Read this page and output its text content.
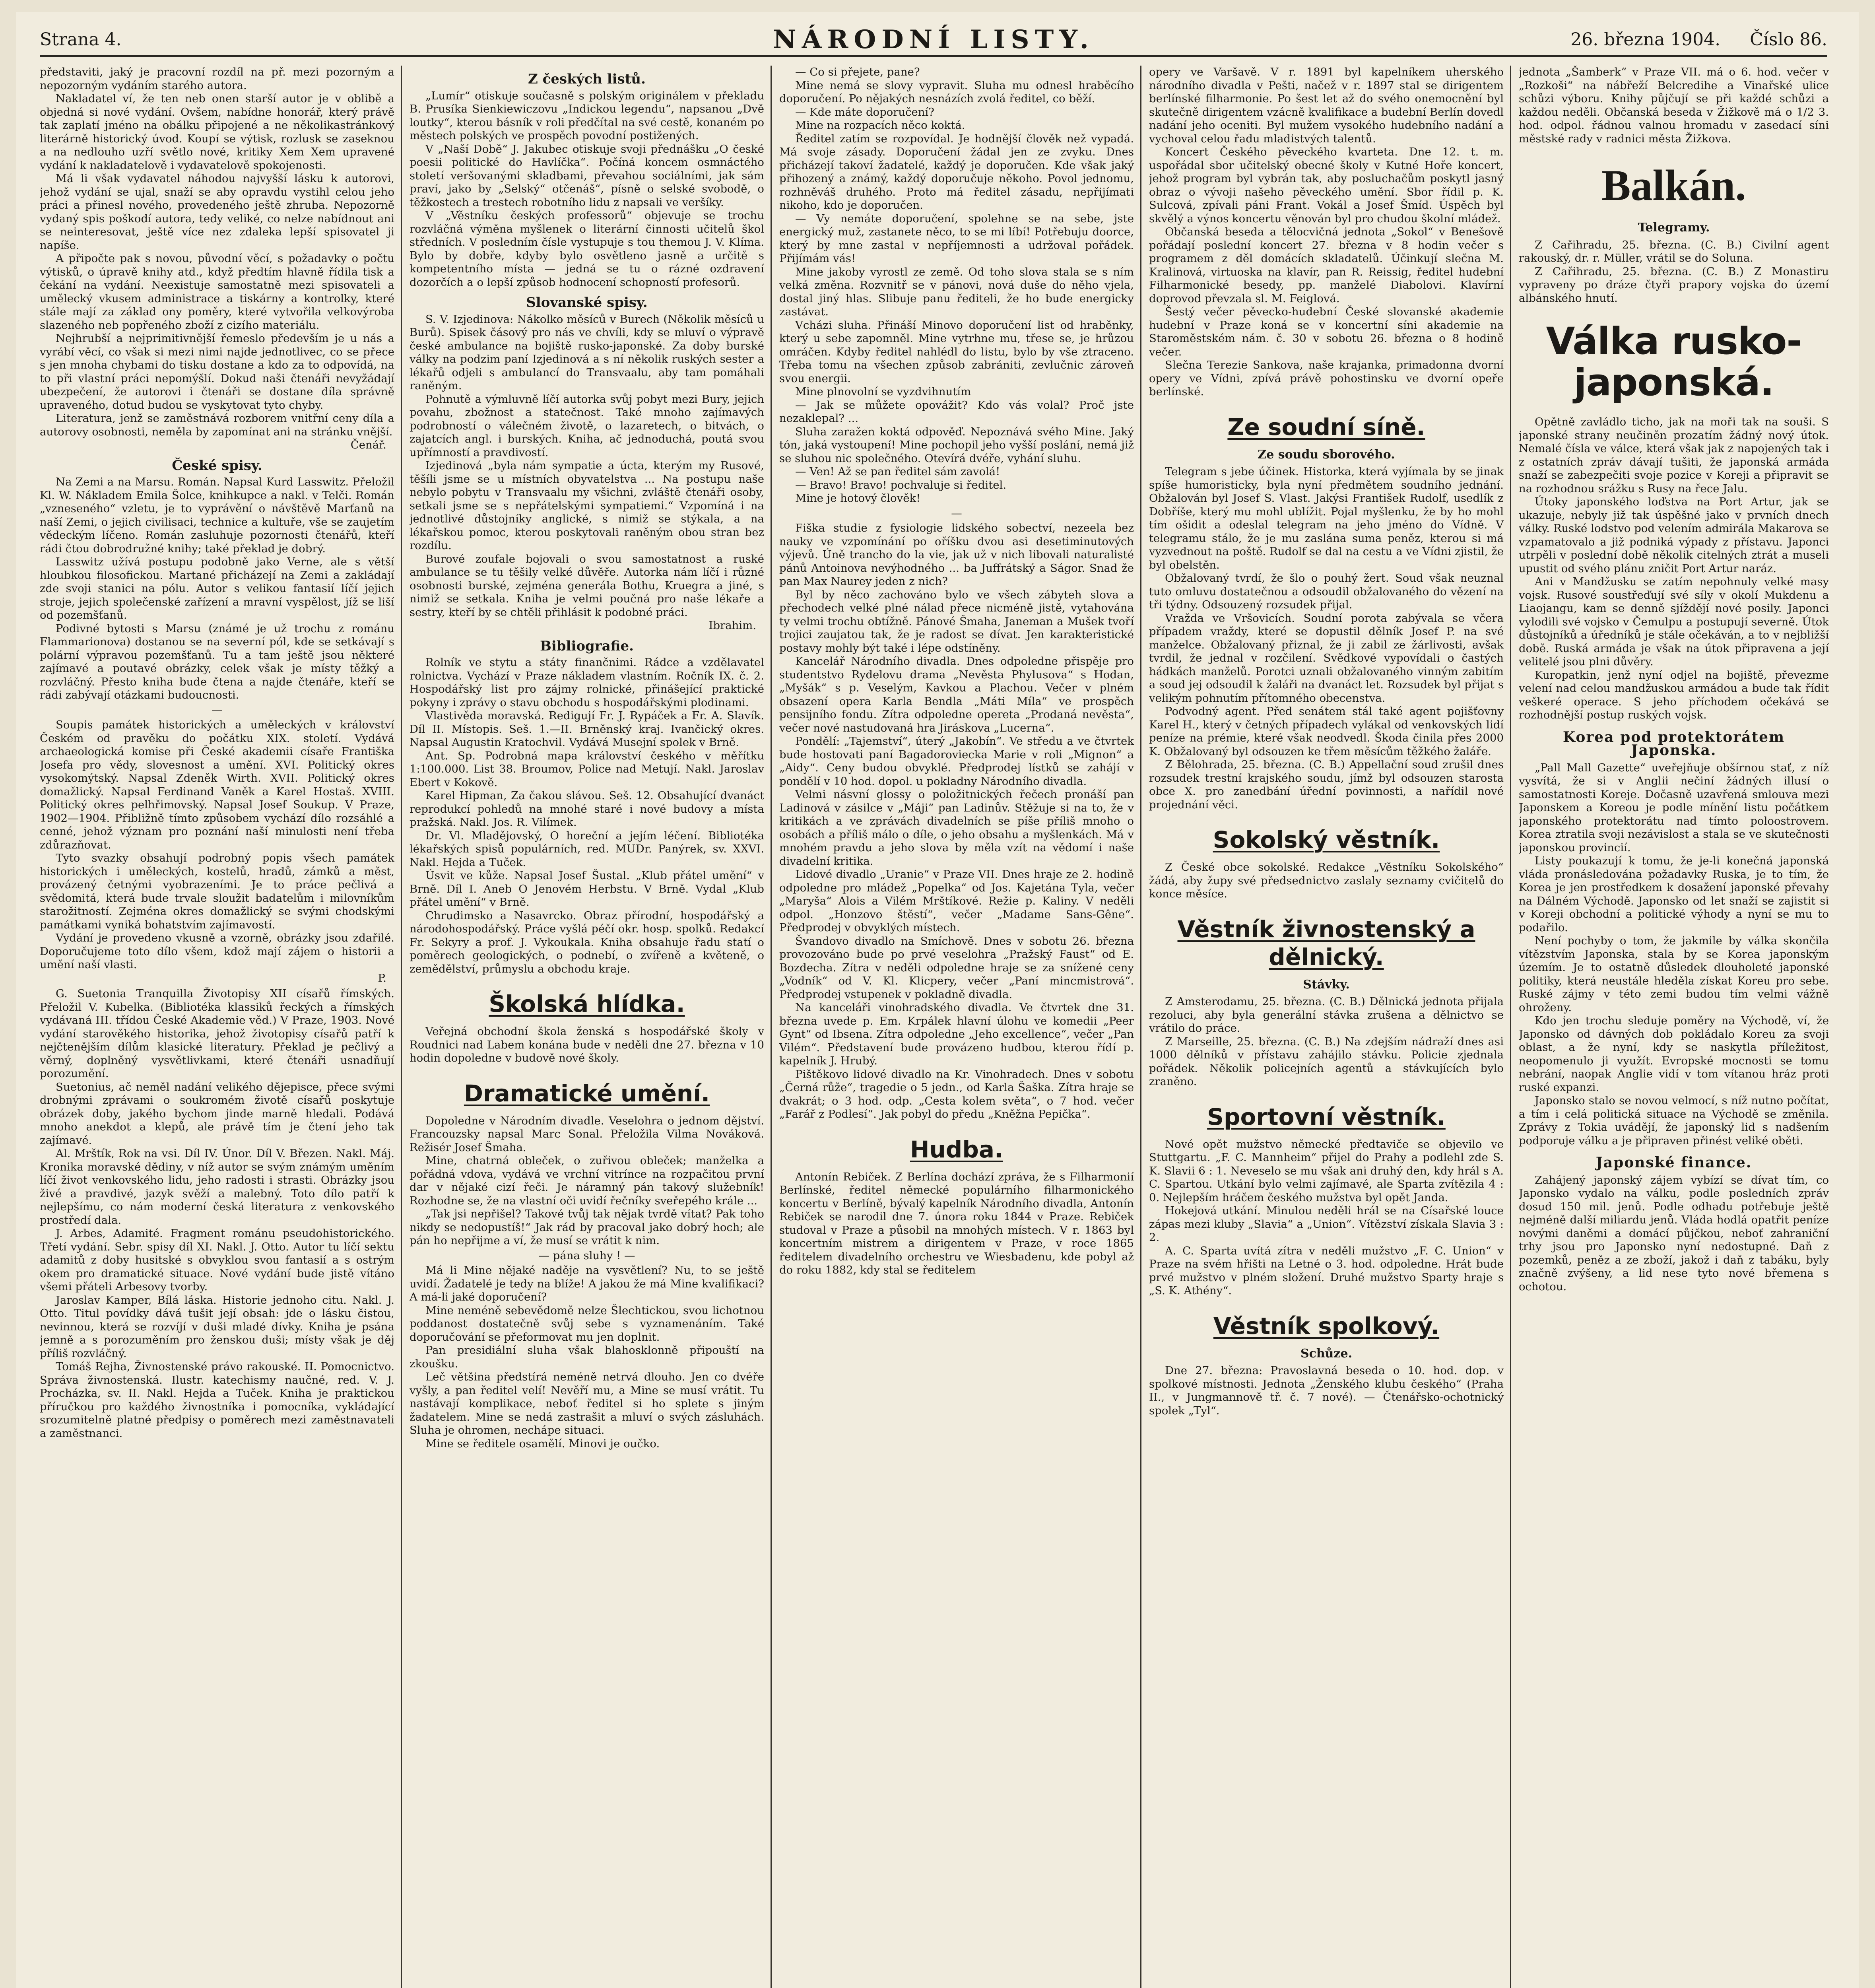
Strana 4.	NÁRODNÍ LISTY.	26. března 1904. Číslo 86.

představiti, jaký je pracovní rozdíl na př. mezi pozorným a nepozorným vydáním starého autora.

Nakladatel ví, že ten neb onen starší autor je v oblibě a objedná si nové vydání. Ovšem, nabídne honorář, který právě tak zaplatí jméno na obálku připojené a ne několikastránkový literárně historický úvod. Koupí se výtisk, rozlusk se zaseknou a na nedlouho uzří světlo nové, kritiky Xem Xem upravené vydání k nakladatelově i vydavatelově spokojenosti.

Má li však vydavatel náhodou najvyšší lásku k autorovi, jehož vydání se ujal, snaží se aby opravdu vystihl celou jeho práci a přinesl nového, provedeného ještě zhruba. Nepozorně vydaný spis poškodí autora, tedy veliké, co nelze nabídnout ani se neinteresovat, ještě více nez zdaleka lepší spisovatel ji napíše.

A připočte pak s novou, původní věcí, s požadavky o počtu výtisků, o úpravě knihy atd., když předtím hlavně řídila tisk a čekání na vydání. Neexistuje samostatně mezi spisovateli a umělecký vkusem administrace a tiskárny a kontrolky, které stále mají za základ ony poměry, které vytvořila velkovýroba slazeného neb popřeného zboží z cizího materiálu.

Nejhrubší a nejprimitivnější řemeslo především je u nás a vyrábí věcí, co však si mezi nimi najde jednotlivec, co se přece s jen mnoha chybami do tisku dostane a kdo za to odpovídá, na to při vlastní práci nepomýšlí. Dokud naši čtenáři nevyžádají ubezpečení, že autorovi i čtenáři se dostane díla správně upraveného, dotud budou se vyskytovat tyto chyby.

Literatura, jenž se zaměstnává rozborem vnitřní ceny díla a autorovy osobnosti, neměla by zapomínat ani na stránku vnější.

Čenář.
České spisy.

Na Zemi a na Marsu. Román. Napsal Kurd Lasswitz. Přeložil Kl. W. Nákladem Emila Šolce, knihkupce a nakl. v Telči. Román „vzneseného“ vzletu, je to vyprávění o návštěvě Marťanů na naší Zemi, o jejich civilisaci, technice a kultuře, vše se zaujetím vědeckým líčeno. Román zasluhuje pozornosti čtenářů, kteří rádi čtou dobrodružné knihy; také překlad je dobrý.

Lasswitz užívá postupu podobně jako Verne, ale s větší hloubkou filosofickou. Martané přicházejí na Zemi a zakládají zde svoji stanici na pólu. Autor s velikou fantasií líčí jejich stroje, jejich společenské zařízení a mravní vyspělost, jíž se liší od pozemšťanů.

Podivné bytosti s Marsu (známé je už trochu z románu Flammarionova) dostanou se na severní pól, kde se setkávají s polární výpravou pozemšťanů. Tu a tam ještě jsou některé zajímavé a poutavé obrázky, celek však je místy těžký a rozvláčný. Přesto kniha bude čtena a najde čtenáře, kteří se rádi zabývají otázkami budoucnosti.

—

Soupis památek historických a uměleckých v království Českém od pravěku do počátku XIX. století. Vydává archaeologická komise při České akademii císaře Františka Josefa pro vědy, slovesnost a umění. XVI. Politický okres vysokomýtský. Napsal Zdeněk Wirth. XVII. Politický okres domažlický. Napsal Ferdinand Vaněk a Karel Hostaš. XVIII. Politický okres pelhřimovský. Napsal Josef Soukup. V Praze, 1902—1904. Přibližně tímto způsobem vychází dílo rozsáhlé a cenné, jehož význam pro poznání naší minulosti není třeba zdůrazňovat.

Tyto svazky obsahují podrobný popis všech památek historických i uměleckých, kostelů, hradů, zámků a měst, provázený četnými vyobrazeními. Je to práce pečlivá a svědomitá, která bude trvale sloužit badatelům i milovníkům starožitností. Zejména okres domažlický se svými chodskými památkami vyniká bohatstvím zajímavostí.

Vydání je provedeno vkusně a vzorně, obrázky jsou zdařilé. Doporučujeme toto dílo všem, kdož mají zájem o historii a umění naší vlasti.

P.

G. Suetonia Tranquilla Životopisy XII císařů římských. Přeložil V. Kubelka. (Bibliotéka klassiků řeckých a římských vydávaná III. třídou České Akademie věd.) V Praze, 1903. Nové vydání starověkého historika, jehož životopisy císařů patří k nejčtenějším dílům klasické literatury. Překlad je pečlivý a věrný, doplněný vysvětlivkami, které čtenáři usnadňují porozumění.

Suetonius, ač neměl nadání velikého dějepisce, přece svými drobnými zprávami o soukromém životě císařů poskytuje obrázek doby, jakého bychom jinde marně hledali. Podává mnoho anekdot a klepů, ale právě tím je čtení jeho tak zajímavé.

Al. Mrštík, Rok na vsi. Díl IV. Únor. Díl V. Březen. Nakl. Máj. Kronika moravské dědiny, v níž autor se svým známým uměním líčí život venkovského lidu, jeho radosti i strasti. Obrázky jsou živé a pravdivé, jazyk svěží a malebný. Toto dílo patří k nejlepšímu, co nám moderní česká literatura z venkovského prostředí dala.

J. Arbes, Adamité. Fragment románu pseudohistorického. Třetí vydání. Sebr. spisy díl XI. Nakl. J. Otto. Autor tu líčí sektu adamitů z doby husitské s obvyklou svou fantasií a s ostrým okem pro dramatické situace. Nové vydání bude jistě vítáno všemi přáteli Arbesovy tvorby.

Jaroslav Kamper, Bílá láska. Historie jednoho citu. Nakl. J. Otto. Titul povídky dává tušit její obsah: jde o lásku čistou, nevinnou, která se rozvíjí v duši mladé dívky. Kniha je psána jemně a s porozuměním pro ženskou duši; místy však je děj příliš rozvláčný.

Tomáš Rejha, Živnostenské právo rakouské. II. Pomocnictvo. Správa živnostenská. Ilustr. katechismy naučné, red. V. J. Procházka, sv. II. Nakl. Hejda a Tuček. Kniha je praktickou příručkou pro každého živnostníka i pomocníka, vykládající srozumitelně platné předpisy o poměrech mezi zaměstnavateli a zaměstnanci.

Z českých listů.

„Lumír“ otiskuje současně s polským originálem v překladu B. Prusíka Sienkiewiczovu „Indickou legendu“, napsanou „Dvě loutky“, kterou básník v roli předčítal na své cestě, konaném po městech polských ve prospěch povodní postižených.

V „Naší Době“ J. Jakubec otiskuje svoji přednášku „O české poesii politické do Havlíčka“. Počíná koncem osmnáctého století veršovanými skladbami, převahou sociálními, jak sám praví, jako by „Selský“ otčenáš“, písně o selské svobodě, o těžkostech a trestech robotního lidu z napsali ve veršíky.

V „Věstníku českých professorů“ objevuje se trochu rozvláčná výměna myšlenek o literární činnosti učitelů škol středních. V posledním čísle vystupuje s tou themou J. V. Klíma. Bylo by dobře, kdyby bylo osvětleno jasně a určitě s kompetentního místa — jedná se tu o rázné ozdravení dozorčích a o lepší způsob hodnocení schopností profesorů.

Slovanské spisy.

S. V. Izjedinova: Nákolko měsíců v Burech (Několik měsíců u Burů). Spisek čásový pro nás ve chvíli, kdy se mluví o výpravě české ambulance na bojiště rusko-japonské. Za doby burské války na podzim paní Izjedinová a s ní několik ruských sester a lékařů odjeli s ambulancí do Transvaalu, aby tam pomáhali raněným.

Pohnutě a výmluvně líčí autorka svůj pobyt mezi Bury, jejich povahu, zbožnost a statečnost. Také mnoho zajímavých podrobností o válečném životě, o lazaretech, o bitvách, o zajatcích angl. i burských. Kniha, ač jednoduchá, poutá svou upřímností a pravdivostí.

Izjedinová „byla nám sympatie a úcta, kterým my Rusové, těšíli jsme se u místních obyvatelstva ... Na postupu naše nebylo pobytu v Transvaalu my všichni, zvláště čtenáři osoby, setkali jsme se s nepřátelskými sympatiemi.“ Vzpomíná i na jednotlivé důstojníky anglické, s nimiž se stýkala, a na lékařskou pomoc, kterou poskytovali raněným obou stran bez rozdílu.

Burové zoufale bojovali o svou samostatnost a ruské ambulance se tu těšily velké důvěře. Autorka nám líčí i různé osobnosti burské, zejména generála Bothu, Kruegra a jiné, s nimiž se setkala. Kniha je velmi poučná pro naše lékaře a sestry, kteří by se chtěli přihlásit k podobné práci.

Ibrahim.
Bibliografie.

Rolník ve stytu a státy finančnimi. Rádce a vzdělavatel rolnictva. Vychází v Praze nákladem vlastním. Ročník IX. č. 2. Hospodářský list pro zájmy rolnické, přinášející praktické pokyny i zprávy o stavu obchodu s hospodářskými plodinami.

Vlastivěda moravská. Redigují Fr. J. Rypáček a Fr. A. Slavík. Díl II. Místopis. Seš. 1.—II. Brněnský kraj. Ivančický okres. Napsal Augustin Kratochvil. Vydává Musejní spolek v Brně.

Ant. Sp. Podrobná mapa království českého v měřítku 1:100.000. List 38. Broumov, Police nad Metují. Nakl. Jaroslav Ebert v Kokově.

Karel Hipman, Za čakou slávou. Seš. 12. Obsahující dvanáct reprodukcí pohledů na mnohé staré i nové budovy a místa pražská. Nakl. Jos. R. Vilímek.

Dr. Vl. Mladějovský, O horeční a jejím léčení. Bibliotéka lékařských spisů populárních, red. MUDr. Panýrek, sv. XXVI. Nakl. Hejda a Tuček.

Úsvit ve kůže. Napsal Josef Šustal. „Klub přátel umění“ v Brně. Díl I. Aneb O Jenovém Herbstu. V Brně. Vydal „Klub přátel umění“ v Brně.

Chrudimsko a Nasavrcko. Obraz přírodní, hospodářský a národohospodářský. Práce vyšlá péčí okr. hosp. spolků. Redakcí Fr. Sekyry a prof. J. Vykoukala. Kniha obsahuje řadu statí o poměrech geologických, o podnebí, o zvířeně a květeně, o zemědělství, průmyslu a obchodu kraje.

Školská hlídka.

Veřejná obchodní škola ženská s hospodářské školy v Roudnici nad Labem konána bude v neděli dne 27. března v 10 hodin dopoledne v budově nové školy.

Dramatické umění.

Dopoledne v Národním divadle. Veselohra o jednom dějství. Francouzsky napsal Marc Sonal. Přeložila Vilma Nováková. Režisér Josef Šmaha.

Mine, chatrná obleček, o zuřivou obleček; manželka a pořádná vdova, vydává ve vrchní vitrínce na rozpačitou první dar v nějaké cizí řeči. Je náramný pán takový služebník! Rozhodne se, že na vlastní oči uvidí řečníky sveřepého krále ...

„Tak jsi nepřišel? Takové tvůj tak nějak tvrdě vítat? Pak toho nikdy se nedopustíš!“ Jak rád by pracoval jako dobrý hoch; ale pán ho nepřijme a ví, že musí se vrátit k nim.

— pána sluhy ! —

Má li Mine nějaké naděje na vysvětlení? Nu, to se ještě uvidí. Žadatelé je tedy na blíže! A jakou že má Mine kvalifikaci? A má-li jaké doporučení?

Mine neméně sebevědomě nelze Šlechtickou, svou lichotnou poddanost dostatečně svůj sebe s vyznamenáním. Také doporučování se přeformovat mu jen doplnit.

Pan presidiální sluha však blahosklonně připouští na zkoušku.

Leč většina předstírá neméně netrvá dlouho. Jen co dvéře vyšly, a pan ředitel velí! Nevěří mu, a Mine se musí vrátit. Tu nastávají komplikace, neboť ředitel si ho splete s jiným žadatelem. Mine se nedá zastrašit a mluví o svých zásluhách. Sluha je ohromen, nechápe situaci.

Mine se ředitele osamělí. Minovi je oučko.

— Co si přejete, pane?

Mine nemá se slovy vypravit. Sluha mu odnesl hraběcího doporučení. Po nějakých nesnázích zvolá ředitel, co běží.

— Kde máte doporučení?

Mine na rozpacích něco koktá.

Ředitel zatím se rozpovídal. Je hodnější člověk než vypadá. Má svoje zásady. Doporučení žádal jen ze zvyku. Dnes přicházejí takoví žadatelé, každý je doporučen. Kde však jaký přihozený a známý, každý doporučuje někoho. Povol jednomu, rozhněváš druhého. Proto má ředitel zásadu, nepřijímati nikoho, kdo je doporučen.

— Vy nemáte doporučení, spolehne se na sebe, jste energický muž, zastanete něco, to se mi líbí! Potřebuju doorce, který by mne zastal v nepříjemnosti a udržoval pořádek. Přijímám vás!

Mine jakoby vyrostl ze země. Od toho slova stala se s ním velká změna. Rozvnitř se v pánovi, nová duše do něho vjela, dostal jiný hlas. Slibuje panu řediteli, že ho bude energicky zastávat.

Vcházi sluha. Přináší Minovo doporučení list od hraběnky, který u sebe zapomněl. Mine vytrhne mu, třese se, je hrůzou omráčen. Kdyby ředitel nahlédl do listu, bylo by vše ztraceno. Třeba tomu na všechen způsob zabrániti, zevlučnic zároveň svou energii.

Mine plnovolní se vyzdvihnutím

— Jak se můžete opovážit? Kdo vás volal? Proč jste nezaklepal? ...

Sluha zaražen koktá odpověď. Nepoznává svého Mine. Jaký tón, jaká vystoupení! Mine pochopil jeho vyšší poslání, nemá již se sluhou nic společného. Otevírá dvéře, vyhání sluhu.

— Ven! Až se pan ředitel sám zavolá!

— Bravo! Bravo! pochvaluje si ředitel.

Mine je hotový člověk!

—

Fiška studie z fysiologie lidského sobectví, nezeela bez nauky ve vzpomínání po oříšku dvou asi desetiminutových výjevů. Úně trancho do la vie, jak už v nich libovali naturalisté pánů Antoinova nevýhodného ... ba Juffrátský a Ságor. Snad že pan Max Naurey jeden z nich?

Byl by něco zachováno bylo ve všech zábyteh slova a přechodech velké plné nálad přece nicméně jistě, vytahována ty velmi trochu obtížně. Pánové Šmaha, Janeman a Mušek tvoří trojici zaujatou tak, že je radost se dívat. Jen karakteristické postavy mohly být také i lépe odstíněny.

Kancelář Národního divadla. Dnes odpoledne přispěje pro studentstvo Rydelovu drama „Nevěsta Phylusova“ s Hodan, „Myšák“ s p. Veselým, Kavkou a Plachou. Večer v plném obsazení opera Karla Bendla „Máti Míla“ ve prospěch pensijního fondu. Zítra odpoledne opereta „Prodaná nevěsta“, večer nové nastudovaná hra Jiráskova „Lucerna“.

Pondělí: „Tajemství“, úterý „Jakobín“. Ve středu a ve čtvrtek bude hostovati paní Bagadoroviecka Marie v roli „Mignon“ a „Aidy“. Ceny budou obvyklé. Předprodej lístků se zahájí v pondělí v 10 hod. dopol. u pokladny Národního divadla.

Velmi násvní glossy o položitnických řečech pronáší pan Ladinová v zásilce v „Máji“ pan Ladinův. Stěžuje si na to, že v kritikách a ve zprávách divadelních se píše příliš mnoho o osobách a příliš málo o díle, o jeho obsahu a myšlenkách. Má v mnohém pravdu a jeho slova by měla vzít na vědomí i naše divadelní kritika.

Lidové divadlo „Uranie“ v Praze VII. Dnes hraje ze 2. hodině odpoledne pro mládež „Popelka“ od Jos. Kajetána Tyla, večer „Maryša“ Alois a Vilém Mrštíkové. Režie p. Kaliny. V neděli odpol. „Honzovo štěstí“, večer „Madame Sans-Gêne“. Předprodej v obvyklých místech.

Švandovo divadlo na Smíchově. Dnes v sobotu 26. března provozováno bude po prvé veselohra „Pražský Faust“ od E. Bozdecha. Zítra v neděli odpoledne hraje se za snížené ceny „Vodník“ od V. Kl. Klicpery, večer „Paní mincmistrová“. Předprodej vstupenek v pokladně divadla.

Na kanceláři vinohradského divadla. Ve čtvrtek dne 31. března uvede p. Em. Krpálek hlavní úlohu ve komedii „Peer Gynt“ od Ibsena. Zítra odpoledne „Jeho excellence“, večer „Pan Vilém“. Představení bude provázeno hudbou, kterou řídí p. kapelník J. Hrubý.

Pištěkovo lidové divadlo na Kr. Vinohradech. Dnes v sobotu „Černá růže“, tragedie o 5 jedn., od Karla Šaška. Zítra hraje se dvakrát; o 3 hod. odp. „Cesta kolem světa“, o 7 hod. večer „Farář z Podlesí“. Jak pobyl do předu „Kněžna Pepička“.

Hudba.

Antonín Rebiček. Z Berlína dochází zpráva, že s Filharmonií Berlínské, ředitel německé populárního filharmonického koncertu v Berlíně, bývalý kapelník Národního divadla, Antonín Rebiček se narodil dne 7. února roku 1844 v Praze. Rebiček studoval v Praze a působil na mnohých místech. V r. 1863 byl koncertním mistrem a dirigentem v Praze, v roce 1865 ředitelem divadelního orchestru ve Wiesbadenu, kde pobyl až do roku 1882, kdy stal se ředitelem

opery ve Varšavě. V r. 1891 byl kapelníkem uherského národního divadla v Pešti, načež v r. 1897 stal se dirigentem berlínské filharmonie. Po šest let až do svého onemocnění byl skutečně dirigentem vzácně kvalifikace a budební Berlín dovedl nadání jeho oceniti. Byl mužem vysokého hudebního nadání a vychoval celou řadu mladistvých talentů.

Koncert Českého pěveckého kvarteta. Dne 12. t. m. uspořádal sbor učitelský obecné školy v Kutné Hoře koncert, jehož program byl vybrán tak, aby posluchačům poskytl jasný obraz o vývoji našeho pěveckého umění. Sbor řídil p. K. Sulcová, zpívali páni Frant. Vokál a Josef Šmíd. Úspěch byl skvělý a výnos koncertu věnován byl pro chudou školní mládež.

Občanská beseda a tělocvičná jednota „Sokol“ v Benešově pořádají poslední koncert 27. března v 8 hodin večer s programem z děl domácích skladatelů. Účinkují slečna M. Kralinová, virtuoska na klavír, pan R. Reissig, ředitel hudební Filharmonické besedy, pp. manželé Diabolovi. Klavírní doprovod převzala sl. M. Feiglová.

Šestý večer pěvecko-hudební České slovanské akademie hudební v Praze koná se v koncertní síni akademie na Staroměstském nám. č. 30 v sobotu 26. března o 8 hodině večer.

Slečna Terezie Sankova, naše krajanka, primadonna dvorní opery ve Vídni, zpívá právě pohostinsku ve dvorní opeře berlínské.

Ze soudní síně.
Ze soudu sborového.

Telegram s jebe účinek. Historka, která vyjímala by se jinak spíše humoristicky, byla nyní předmětem soudního jednání. Obžalován byl Josef S. Vlast. Jakýsi František Rudolf, usedlík z Dobříše, který mu mohl ublížit. Pojal myšlenku, že by ho mohl tím ošidit a odeslal telegram na jeho jméno do Vídně. V telegramu stálo, že je mu zaslána suma peněz, kterou si má vyzvednout na poště. Rudolf se dal na cestu a ve Vídni zjistil, že byl obelstěn.

Obžalovaný tvrdí, že šlo o pouhý žert. Soud však neuznal tuto omluvu dostatečnou a odsoudil obžalovaného do vězení na tři týdny. Odsouzený rozsudek přijal.

Vražda ve Vršovicích. Soudní porota zabývala se včera případem vraždy, které se dopustil dělník Josef P. na své manželce. Obžalovaný přiznal, že ji zabil ze žárlivosti, avšak tvrdil, že jednal v rozčilení. Svědkové vypovídali o častých hádkách manželů. Porotci uznali obžalovaného vinným zabitím a soud jej odsoudil k žaláři na dvanáct let. Rozsudek byl přijat s velikým pohnutím přítomného obecenstva.

Podvodný agent. Před senátem stál také agent pojišťovny Karel H., který v četných případech vylákal od venkovských lidí peníze na prémie, které však neodvedl. Škoda činila přes 2000 K. Obžalovaný byl odsouzen ke třem měsícům těžkého žaláře.

Z Bělohrada, 25. března. (C. B.) Appellační soud zrušil dnes rozsudek trestní krajského soudu, jímž byl odsouzen starosta obce X. pro zanedbání úřední povinnosti, a nařídil nové projednání věci.

Sokolský věstník.

Z České obce sokolské. Redakce „Věstníku Sokolského“ žádá, aby župy své předsednictvo zaslaly seznamy cvičitelů do konce měsíce.

Věstník živnostenský a dělnický.
Stávky.

Z Amsterodamu, 25. března. (C. B.) Dělnická jednota přijala rezoluci, aby byla generální stávka zrušena a dělnictvo se vrátilo do práce.

Z Marseille, 25. března. (C. B.) Na zdejším nádraží dnes asi 1000 dělníků v přístavu zahájilo stávku. Policie zjednala pořádek. Několik policejních agentů a stávkujících bylo zraněno.

Sportovní věstník.

Nové opět mužstvo německé předtaviče se objevilo ve Stuttgartu. „F. C. Mannheim“ přijel do Prahy a podlehl zde S. K. Slavii 6 : 1. Neveselo se mu však ani druhý den, kdy hrál s A. C. Spartou. Utkání bylo velmi zajímavé, ale Sparta zvítězila 4 : 0. Nejlepším hráčem českého mužstva byl opět Janda.

Hokejová utkání. Minulou neděli hrál se na Císařské louce zápas mezi kluby „Slavia“ a „Union“. Vítězství získala Slavia 3 : 2.

A. C. Sparta uvítá zítra v neděli mužstvo „F. C. Union“ v Praze na svém hřišti na Letné o 3. hod. odpoledne. Hrát bude prvé mužstvo v plném složení. Druhé mužstvo Sparty hraje s „S. K. Athény“.

Věstník spolkový.
Schůze.

Dne 27. března: Pravoslavná beseda o 10. hod. dop. v spolkové místnosti. Jednota „Ženského klubu českého“ (Praha II., v Jungmannově tř. č. 7 nové). — Čtenářsko-ochotnický spolek „Tyl“.

jednota „Šamberk“ v Praze VII. má o 6. hod. večer v „Rozkoši“ na nábřeží Belcredihe a Vinařské ulice schůzi výboru. Knihy půjčují se při každé schůzi a každou neděli. Občanská beseda v Žižkově má o 1/2 3. hod. odpol. řádnou valnou hromadu v zasedací síni městské rady v radnici města Žižkova.

Balkán.
Telegramy.

Z Cařihradu, 25. března. (C. B.) Civilní agent rakouský, dr. r. Müller, vrátil se do Soluna.

Z Cařihradu, 25. března. (C. B.) Z Monastiru vypraveny po dráze čtyři prapory vojska do území albánského hnutí.

Válka rusko-japonská.

Opětně zavládlo ticho, jak na moři tak na souši. S japonské strany neučiněn prozatím žádný nový útok. Nemalé čísla ve válce, která však jak z napojených tak i z ostatních zpráv dávají tušiti, že japonská armáda snaží se zabezpečiti svoje pozice v Koreji a připravit se na rozhodnou srážku s Rusy na řece Jalu.

Útoky japonského loďstva na Port Artur, jak se ukazuje, nebyly již tak úspěšné jako v prvních dnech války. Ruské lodstvo pod velením admirála Makarova se vzpamatovalo a již podniká výpady z přístavu. Japonci utrpěli v poslední době několik citelných ztrát a museli upustit od svého plánu zničit Port Artur naráz.

Ani v Mandžusku se zatím nepohnuly velké masy vojsk. Rusové soustřeďují své síly v okolí Mukdenu a Liaojangu, kam se denně sjíždějí nové posily. Japonci vylodili své vojsko v Čemulpu a postupují severně. Útok důstojníků a úředníků je stále očekáván, a to v nejbližší době. Ruská armáda je však na útok připravena a její velitelé jsou plni důvěry.

Kuropatkin, jenž nyní odjel na bojiště, převezme velení nad celou mandžuskou armádou a bude tak řídit veškeré operace. S jeho příchodem očekává se rozhodnější postup ruských vojsk.

Korea pod protektorátem Japonska.

„Pall Mall Gazette“ uveřejňuje obšírnou stať, z níž vysvítá, že si v Anglii nečiní žádných illusí o samostatnosti Koreje. Dočasně uzavřená smlouva mezi Japonskem a Koreou je podle mínění listu počátkem japonského protektorátu nad tímto poloostrovem. Korea ztratila svoji nezávislost a stala se ve skutečnosti japonskou provincií.

Listy poukazují k tomu, že je-li konečná japonská vláda pronásledována požadavky Ruska, je to tím, že Korea je jen prostředkem k dosažení japonské převahy na Dálném Východě. Japonsko od let snaží se zajistit si v Koreji obchodní a politické výhody a nyní se mu to podařilo.

Není pochyby o tom, že jakmile by válka skončila vítězstvím Japonska, stala by se Korea japonským územím. Je to ostatně důsledek dlouholeté japonské politiky, která neustále hleděla získat Koreu pro sebe. Ruské zájmy v této zemi budou tím velmi vážně ohroženy.

Kdo jen trochu sleduje poměry na Východě, ví, že Japonsko od dávných dob pokládalo Koreu za svoji oblast, a že nyní, kdy se naskytla příležitost, neopomenulo ji využít. Evropské mocnosti se tomu nebrání, naopak Anglie vidí v tom vítanou hráz proti ruské expanzi.

Japonsko stalo se novou velmocí, s níž nutno počítat, a tím i celá politická situace na Východě se změnila. Zprávy z Tokia uvádějí, že japonský lid s nadšením podporuje válku a je připraven přinést veliké oběti.

Japonské finance.

Zahájený japonský zájem vybízí se dívat tím, co Japonsko vydalo na válku, podle posledních zpráv dosud 150 mil. jenů. Podle odhadu potřebuje ještě nejméně další miliardu jenů. Vláda hodlá opatřit peníze novými daněmi a domácí půjčkou, neboť zahraniční trhy jsou pro Japonsko nyní nedostupné. Daň z pozemků, peněz a ze zboží, jakož i daň z tabáku, byly značně zvýšeny, a lid nese tyto nové břemena s ochotou.
